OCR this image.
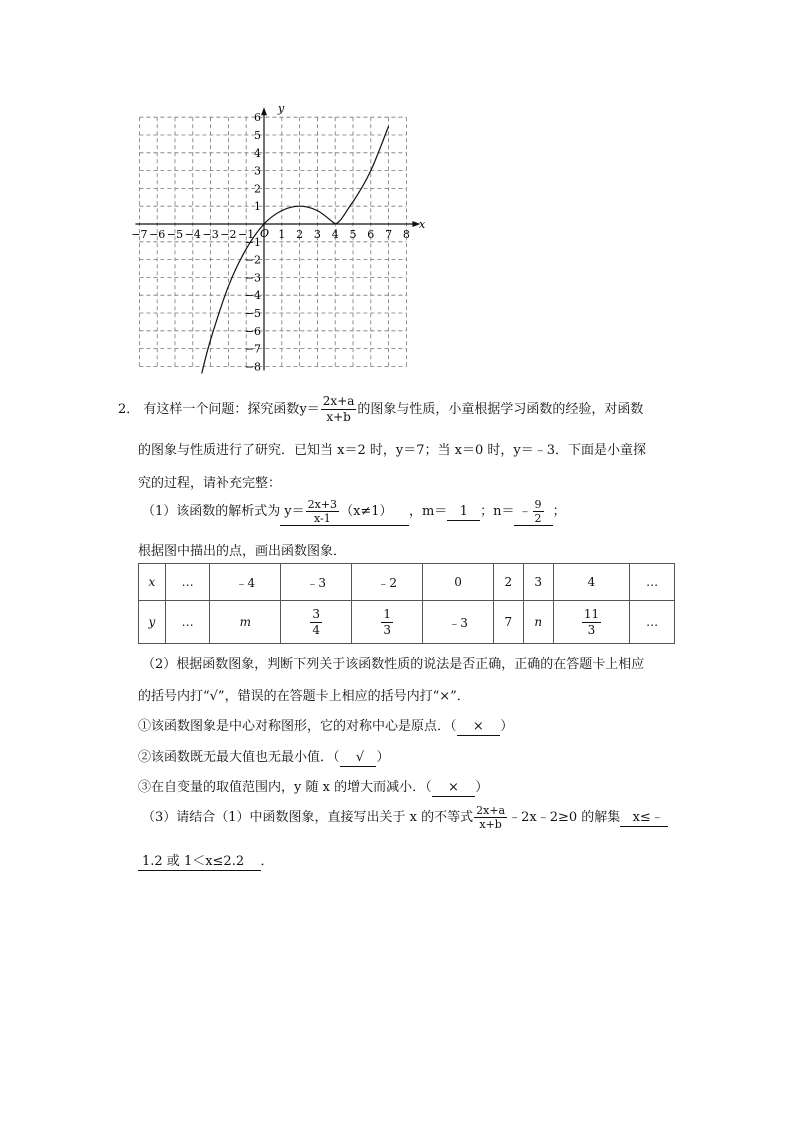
−7 −6 −5 −4 −3 −2 −1 1 2 3 4 5 6 7 8
6
5
4
3
2
1
−1
−2
−3
−4
−5
−6
−7
−8
y
x
O
2． 有这样一个问题：探究函数$y= \frac{2x+a}{x+b}$ 的图象与性质，小童根据学习函数的经验，对函数
的图象与性质进行了研究．已知当 x＝2 时，y＝7；当 x＝0 时，y＝﹣3．下面是小童探
究的过程，请补充完整：
（1）该函数的解析式为 $y= \frac{2x+3}{x-1} (x\ne 1)$ ，m＝ 1 ；n＝ ﹣ $\frac{9}{2}$ ；
根据图中描出的点，画出函数图象．
x	…	﹣4	﹣3	﹣2	0	2	3	4	…
y	…	m	$\frac{3}{4}$	$\frac{1}{3}$	﹣3	7	n	$\frac{11}{3}$	…
（2）根据函数图象，判断下列关于该函数性质的说法是否正确，正确的在答题卡上相应
的括号内打“√”，错误的在答题卡上相应的括号内打“×”．
①该函数图象是中心对称图形，它的对称中心是原点．（ × ）
②该函数既无最大值也无最小值．（ √ ）
③在自变量的取值范围内，y 随 x 的增大而减小．（ × ）
（3）请结合（1）中函数图象，直接写出关于 x 的不等式 $\frac{2x+a}{x+b}$ ﹣2x﹣2≥0 的解集 x≤﹣
1.2 或 1＜x≤2.2 ．
